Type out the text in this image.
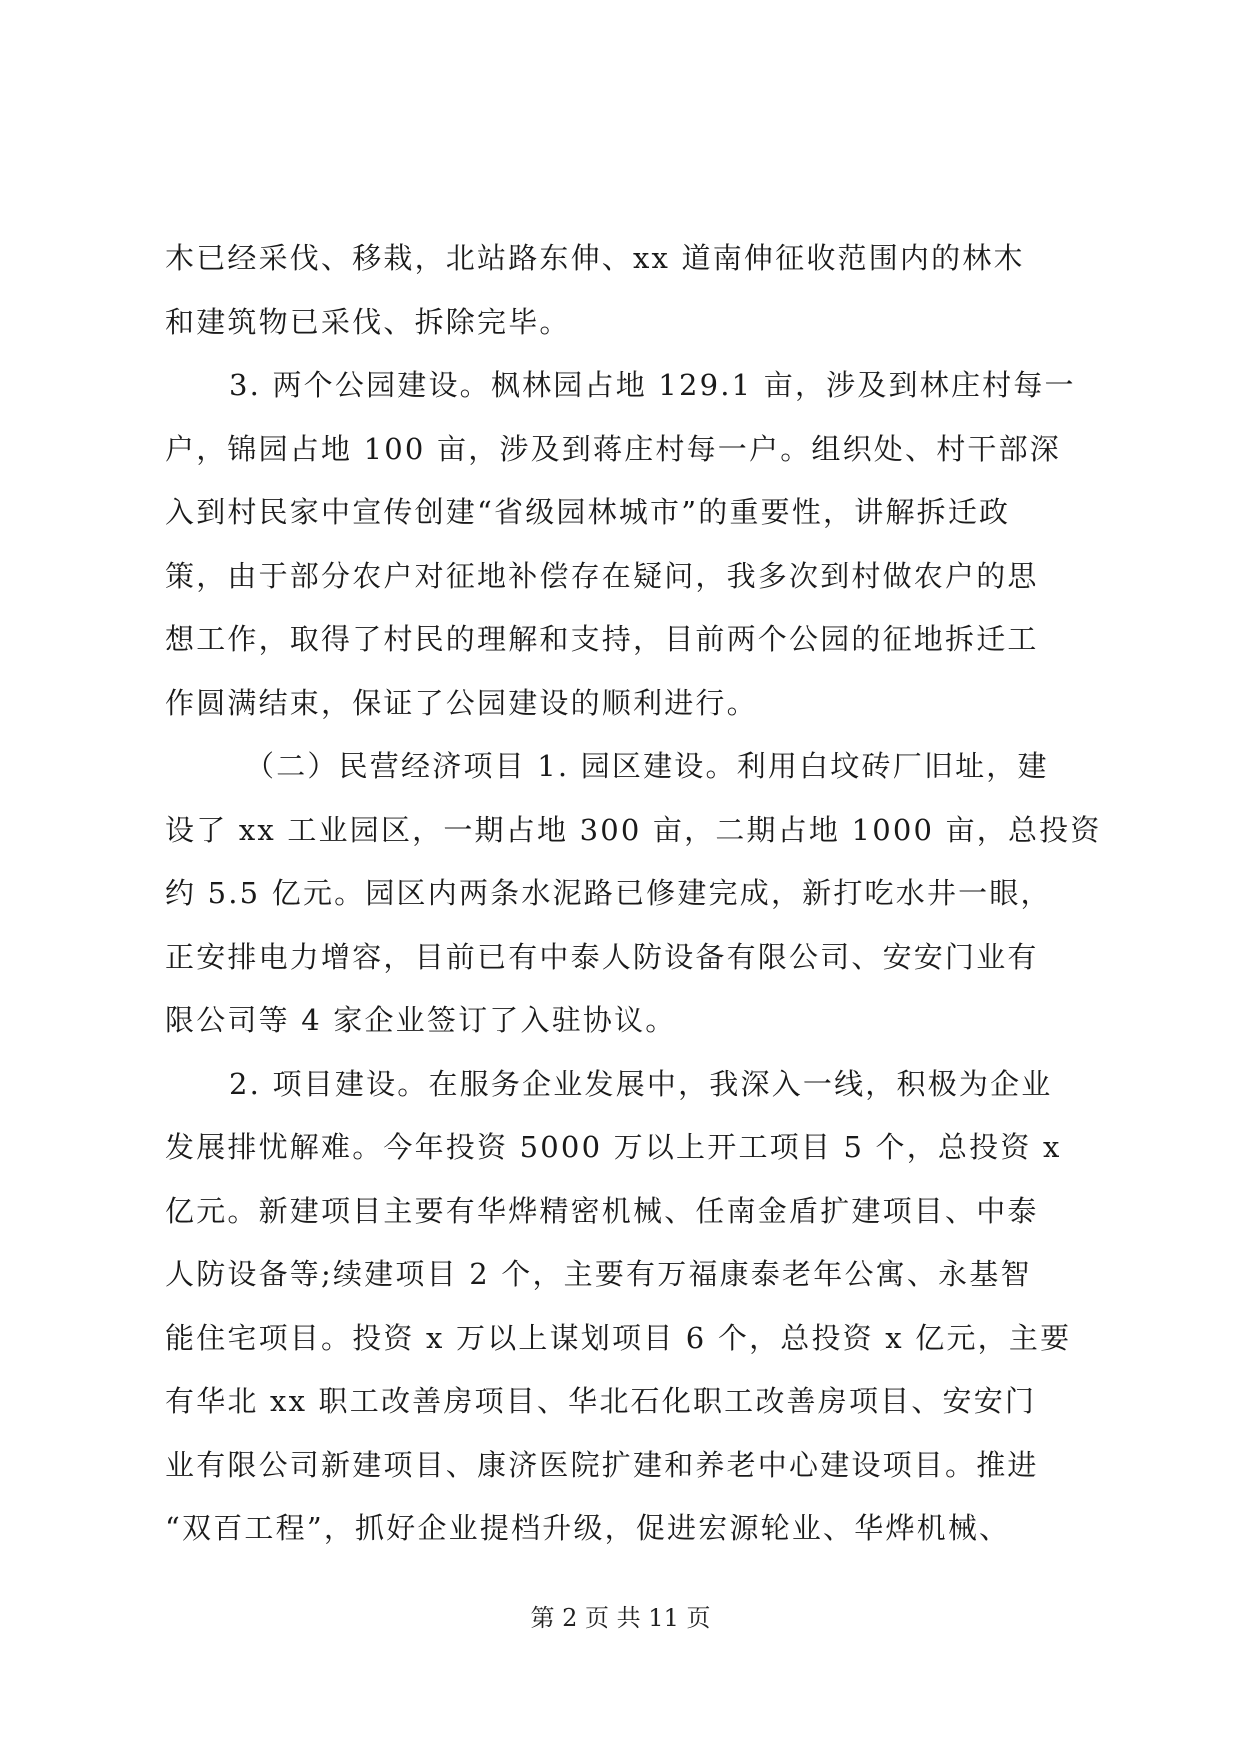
木已经采伐、移栽，北站路东伸、xx 道南伸征收范围内的林木
和建筑物已采伐、拆除完毕。
3. 两个公园建设。枫林园占地 129.1 亩，涉及到林庄村每一
户，锦园占地 100 亩，涉及到蒋庄村每一户。组织处、村干部深
入到村民家中宣传创建“省级园林城市”的重要性，讲解拆迁政
策，由于部分农户对征地补偿存在疑问，我多次到村做农户的思
想工作，取得了村民的理解和支持，目前两个公园的征地拆迁工
作圆满结束，保证了公园建设的顺利进行。
（二）民营经济项目 1. 园区建设。利用白坟砖厂旧址，建
设了 xx 工业园区，一期占地 300 亩，二期占地 1000 亩，总投资
约 5.5 亿元。园区内两条水泥路已修建完成，新打吃水井一眼，
正安排电力增容，目前已有中泰人防设备有限公司、安安门业有
限公司等 4 家企业签订了入驻协议。
2. 项目建设。在服务企业发展中，我深入一线，积极为企业
发展排忧解难。今年投资 5000 万以上开工项目 5 个，总投资 x
亿元。新建项目主要有华烨精密机械、任南金盾扩建项目、中泰
人防设备等;续建项目 2 个，主要有万福康泰老年公寓、永基智
能住宅项目。投资 x 万以上谋划项目 6 个，总投资 x 亿元，主要
有华北 xx 职工改善房项目、华北石化职工改善房项目、安安门
业有限公司新建项目、康济医院扩建和养老中心建设项目。推进
“双百工程”，抓好企业提档升级，促进宏源轮业、华烨机械、
第 2 页 共 11 页
